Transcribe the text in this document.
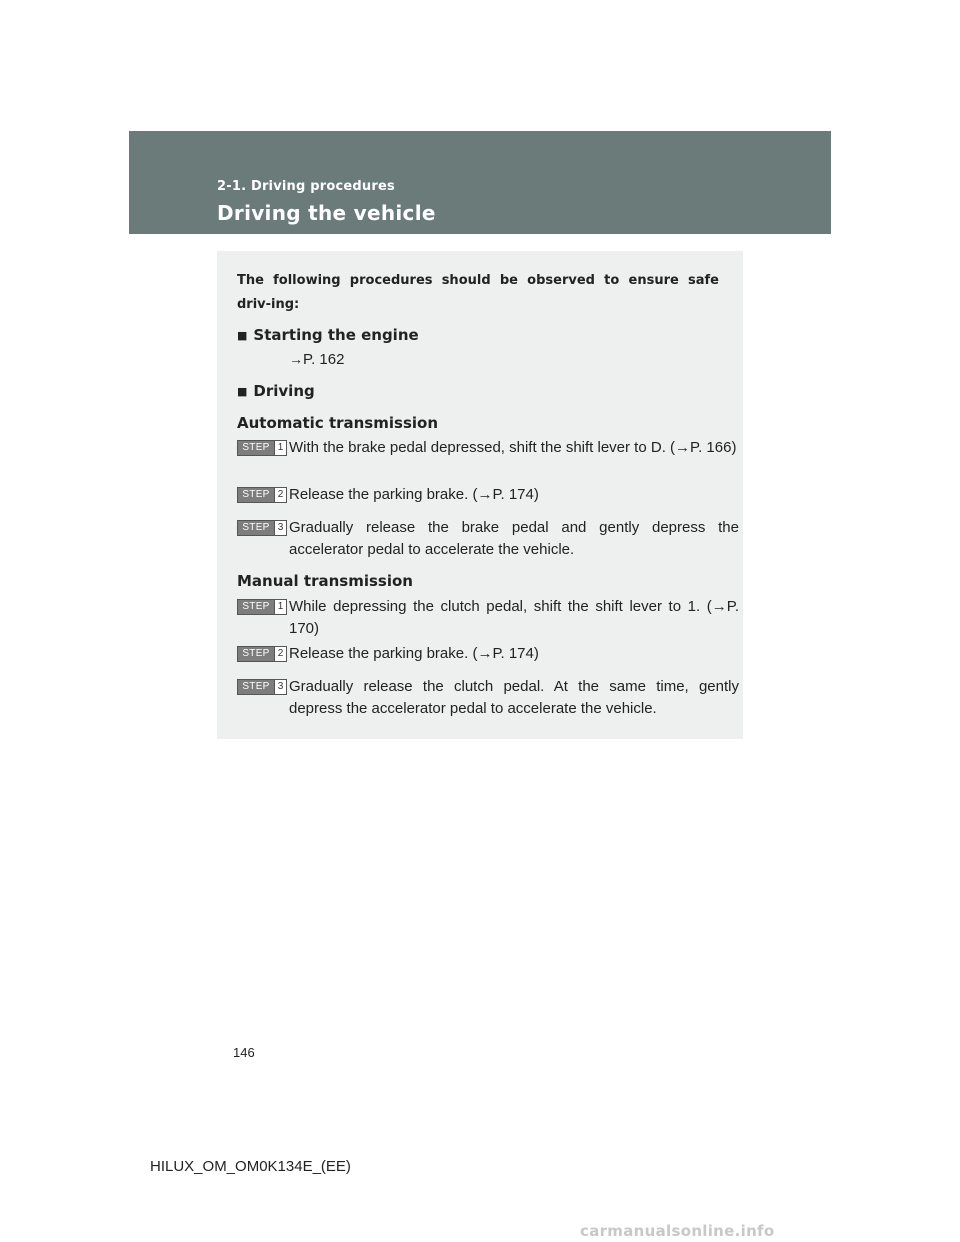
2-1. Driving procedures
Driving the vehicle
The following procedures should be observed to ensure safe driv-ing:
■ Starting the engine
→P. 162
■ Driving
Automatic transmission
STEP 1 With the brake pedal depressed, shift the shift lever to D. (→P. 166)
STEP 2 Release the parking brake. (→P. 174)
STEP 3 Gradually release the brake pedal and gently depress the accelerator pedal to accelerate the vehicle.
Manual transmission
STEP 1 While depressing the clutch pedal, shift the shift lever to 1. (→P. 170)
STEP 2 Release the parking brake. (→P. 174)
STEP 3 Gradually release the clutch pedal. At the same time, gently depress the accelerator pedal to accelerate the vehicle.
146
HILUX_OM_OM0K134E_(EE)
carmanualsonline.info
